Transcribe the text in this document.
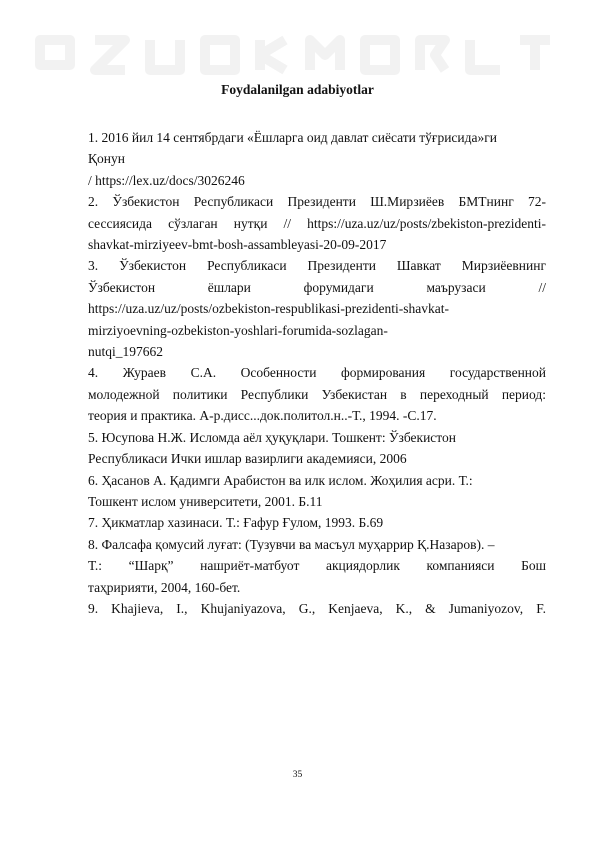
Foydalanilgan adabiyotlar
1. 2016 йил 14 сентябрдаги «Ёшларга оид давлат сиёсати тўғрисида»ги
Қонун
/ https://lex.uz/docs/3026246
2. Ўзбекистон Республикаси Президенти Ш.Мирзиёев БМТнинг 72-
сессиясида сўзлаган нутқи // https://uza.uz/uz/posts/zbekiston-prezidenti-
shavkat-mirziyeev-bmt-bosh-assambleyasi-20-09-2017
3. Ўзбекистон Республикаси Президенти Шавкат Мирзиёевнинг
Ўзбекистон ёшлари форумидаги маърузаси //
https://uza.uz/uz/posts/ozbekiston-respublikasi-prezidenti-shavkat-
mirziyoevning-ozbekiston-yoshlari-forumida-sozlagan-
nutqi_197662
4. Жураев С.А. Особенности формирования государственной
молодежной политики Республики Узбекистан в переходный период:
теория и практика. А-р.дисс...док.политол.н..-Т., 1994. -С.17.
5. Юсупова Н.Ж. Исломда аёл ҳуқуқлари. Тошкент: Ўзбекистон
Республикаси Ички ишлар вазирлиги академияси, 2006
6. Ҳасанов А. Қадимги Арабистон ва илк ислом. Жоҳилия асри. Т.:
Тошкент ислом университети, 2001. Б.11
7. Ҳикматлар хазинаси. Т.: Ғафур Ғулом, 1993. Б.69
8. Фалсафа қомусий луғат: (Тузувчи ва масъул муҳаррир Қ.Назаров). –
Т.: “Шарқ” нашриёт-матбуот акциядорлик компанияси Бош
таҳририяти, 2004, 160-бет.
9. Khajieva, I., Khujaniyazova, G., Kenjaeva, K., & Jumaniyozov, F.
35
